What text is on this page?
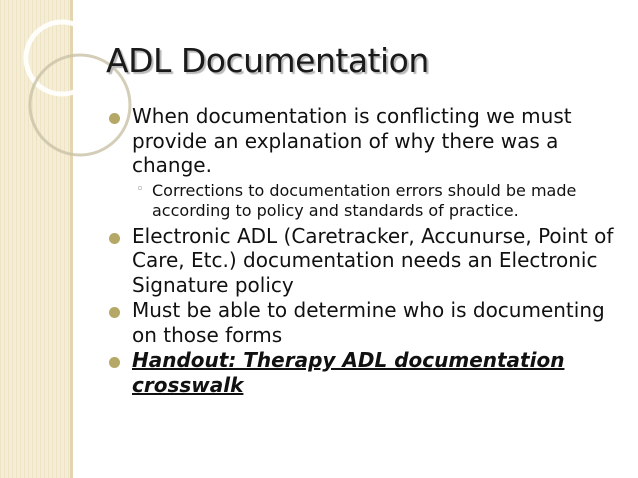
ADL Documentation
When documentation is conflicting we must provide an explanation of why there was a change.
◦ Corrections to documentation errors should be made according to policy and standards of practice.
Electronic ADL (Caretracker, Accunurse, Point of Care, Etc.) documentation needs an Electronic Signature policy
Must be able to determine who is documenting on those forms
Handout: Therapy ADL documentation crosswalk
